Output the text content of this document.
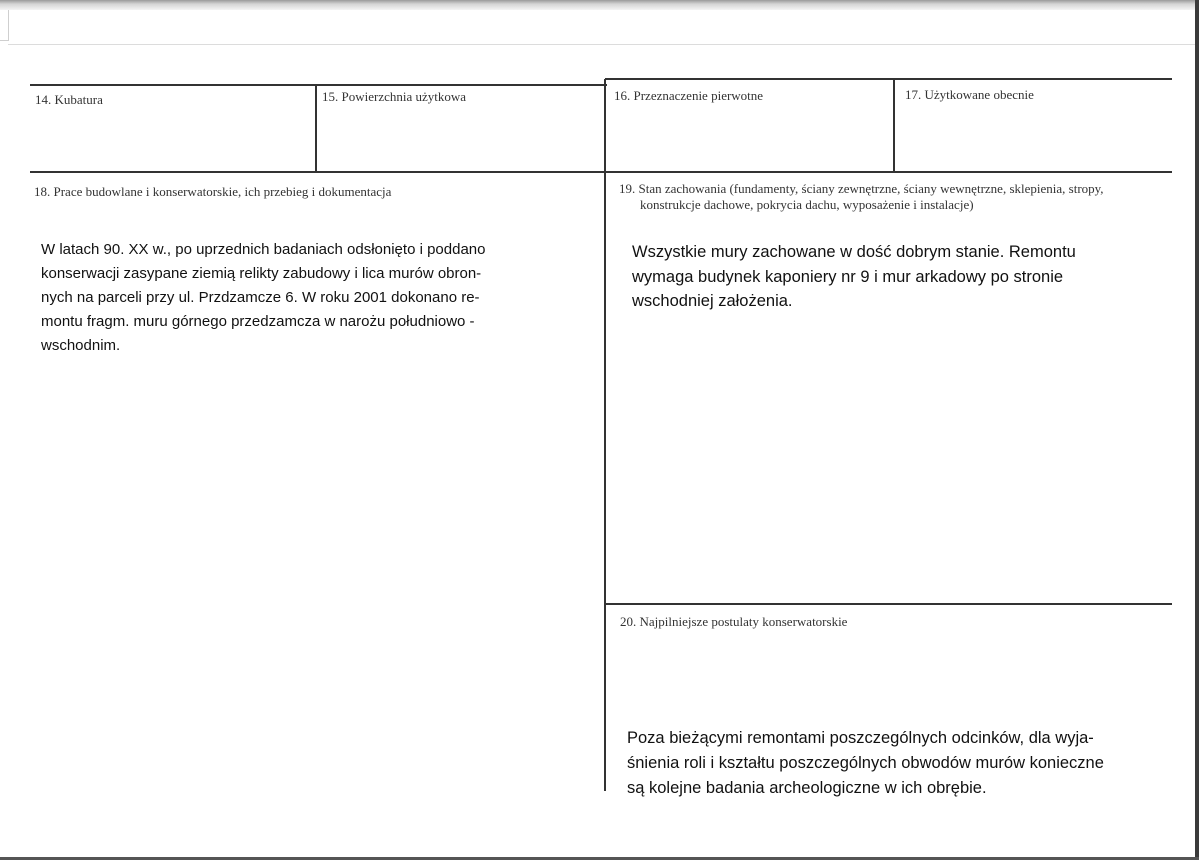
14. Kubatura	15. Powierzchnia użytkowa	16. Przeznaczenie pierwotne	17. Użytkowane obecnie
18. Prace budowlane i konserwatorskie, ich przebieg i dokumentacja
W latach 90. XX w., po uprzednich badaniach odsłonięto i poddano
konserwacji zasypane ziemią relikty zabudowy i lica murów obron-
nych na parceli przy ul. Przdzamcze 6. W roku 2001 dokonano re-
montu fragm. muru górnego przedzamcza w narożu południowo -
wschodnim.
19. Stan zachowania (fundamenty, ściany zewnętrzne, ściany wewnętrzne, sklepienia, stropy,
konstrukcje dachowe, pokrycia dachu, wyposażenie i instalacje)
Wszystkie mury zachowane w dość dobrym stanie. Remontu
wymaga budynek kaponiery nr 9 i mur arkadowy po stronie
wschodniej założenia.
20. Najpilniejsze postulaty konserwatorskie
Poza bieżącymi remontami poszczególnych odcinków, dla wyja-
śnienia roli i kształtu poszczególnych obwodów murów konieczne
są kolejne badania archeologiczne w ich obrębie.
